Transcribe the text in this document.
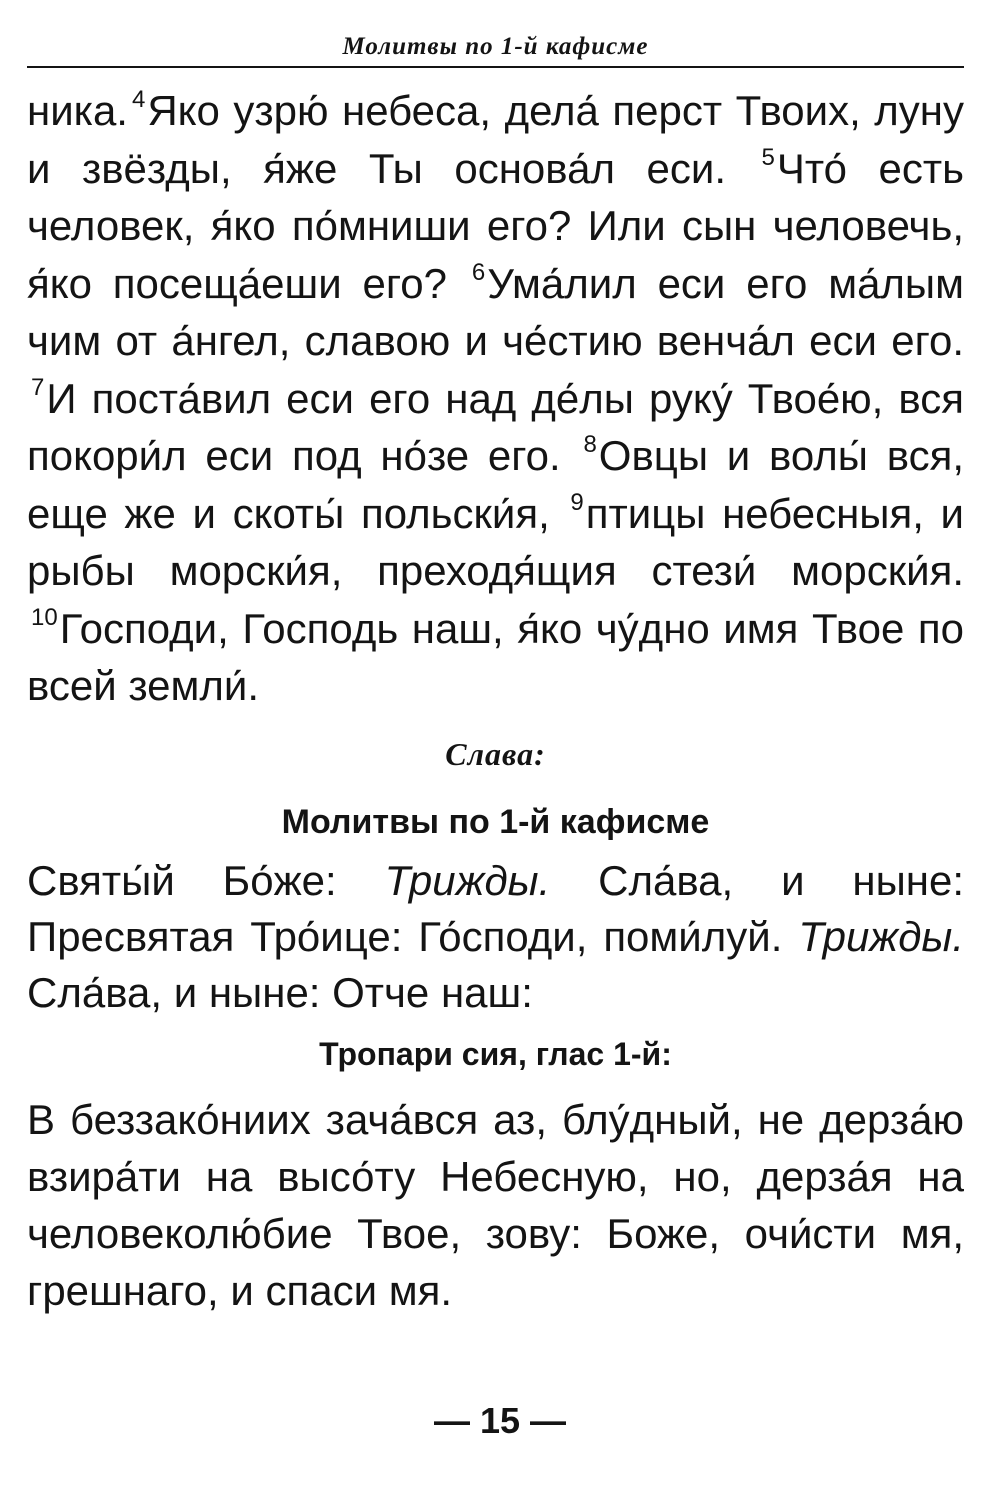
Молитвы по 1-й кафисме

ника. $^4$Яко узрю́ небеса, дела́ перст Твоих, луну и звёзды, я́же Ты основа́л еси. $^5$Что́ есть человек, я́ко по́мниши его? Или сын человечь, я́ко посеща́еши его? $^6$Ума́лил еси его ма́лым чим от а́нгел, славою и че́стию венча́л еси его. $^7$И поста́вил еси его над де́лы руку́ Твое́ю, вся покори́л еси под но́зе его. $^8$Овцы и волы́ вся, еще же и скоты́ польски́я, $^9$птицы небесныя, и рыбы морски́я, преходя́щия стези́ морски́я. $^{10}$Господи, Господь наш, я́ко чу́дно имя Твое по всей земли́.

Слава:
Молитвы по 1-й кафисме

Святы́й Бо́же: Трижды. Сла́ва, и ныне: Пресвятая Тро́ице: Го́споди, поми́луй. Трижды. Сла́ва, и ныне: Отче наш:

Тропари сия, глас 1-й:

В беззако́ниих зача́вся аз, блу́дный, не дерза́ю взира́ти на высо́ту Небесную, но, дерза́я на человеколю́бие Твое, зову: Боже, очи́сти мя, грешнаго, и спаси мя.

— 15 —
